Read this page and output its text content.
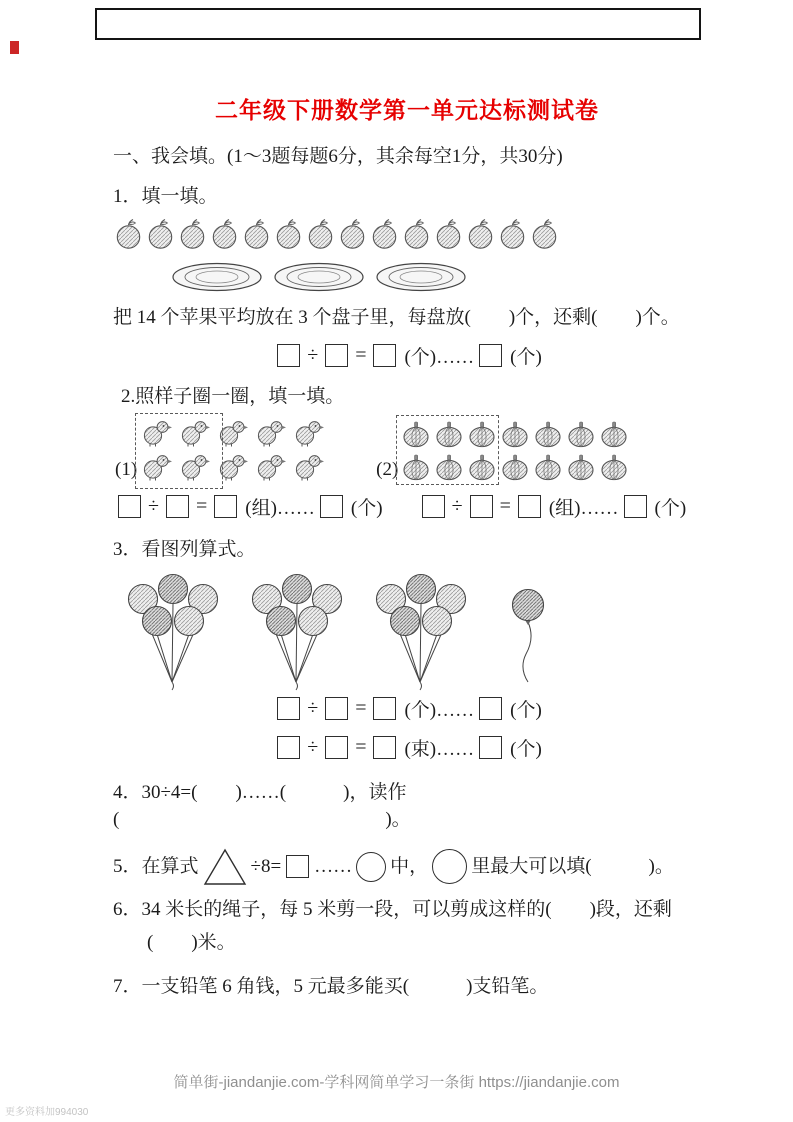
二年级下册数学第一单元达标测试卷
一、我会填。(1～3题每题6分，其余每空1分，共30分)
1．填一填。
把 14 个苹果平均放在 3 个盘子里，每盘放(　　)个，还剩(　　)个。
÷ = (个)…… (个)
2.照样子圈一圈，填一填。
(1)	(2)
÷ = (组)…… (个)	÷ = (组)…… (个)
3．看图列算式。
÷ = (个)…… (个)
÷ = (束)…… (个)
4．30÷4=(　　)……(　　　)，读作(　　　　　　　　　　　　　　)。
5．在算式	÷8= …… 中， 里最大可以填(　　　)。
6．34 米长的绳子，每 5 米剪一段，可以剪成这样的(　　)段，还剩
(　　)米。
7．一支铅笔 6 角钱，5 元最多能买(　　　)支铅笔。
简单街-jiandanjie.com-学科网简单学习一条街 https://jiandanjie.com
更多资料加994030
